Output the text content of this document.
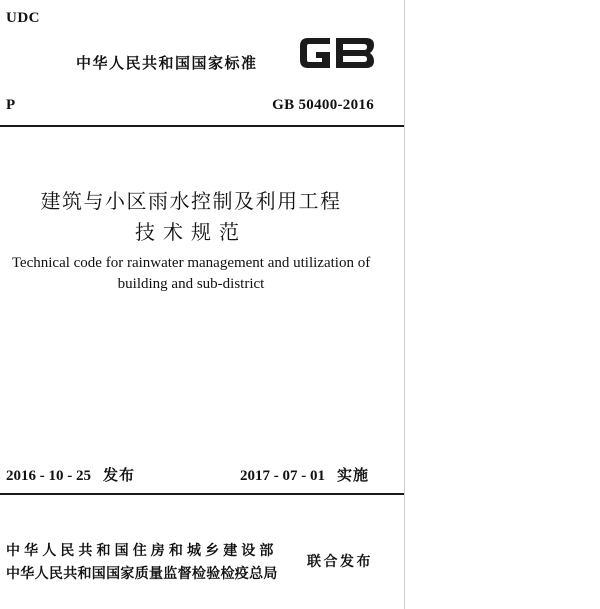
UDC
中华人民共和国国家标准
P	GB 50400-2016
建筑与小区雨水控制及利用工程
技术规范
Technical code for rainwater management and utilization of
building and sub-district
2016 - 10 - 25 发布	2017 - 07 - 01 实施
中华人民共和国住房和城乡建设部
中华人民共和国国家质量监督检验检疫总局
联合发布
